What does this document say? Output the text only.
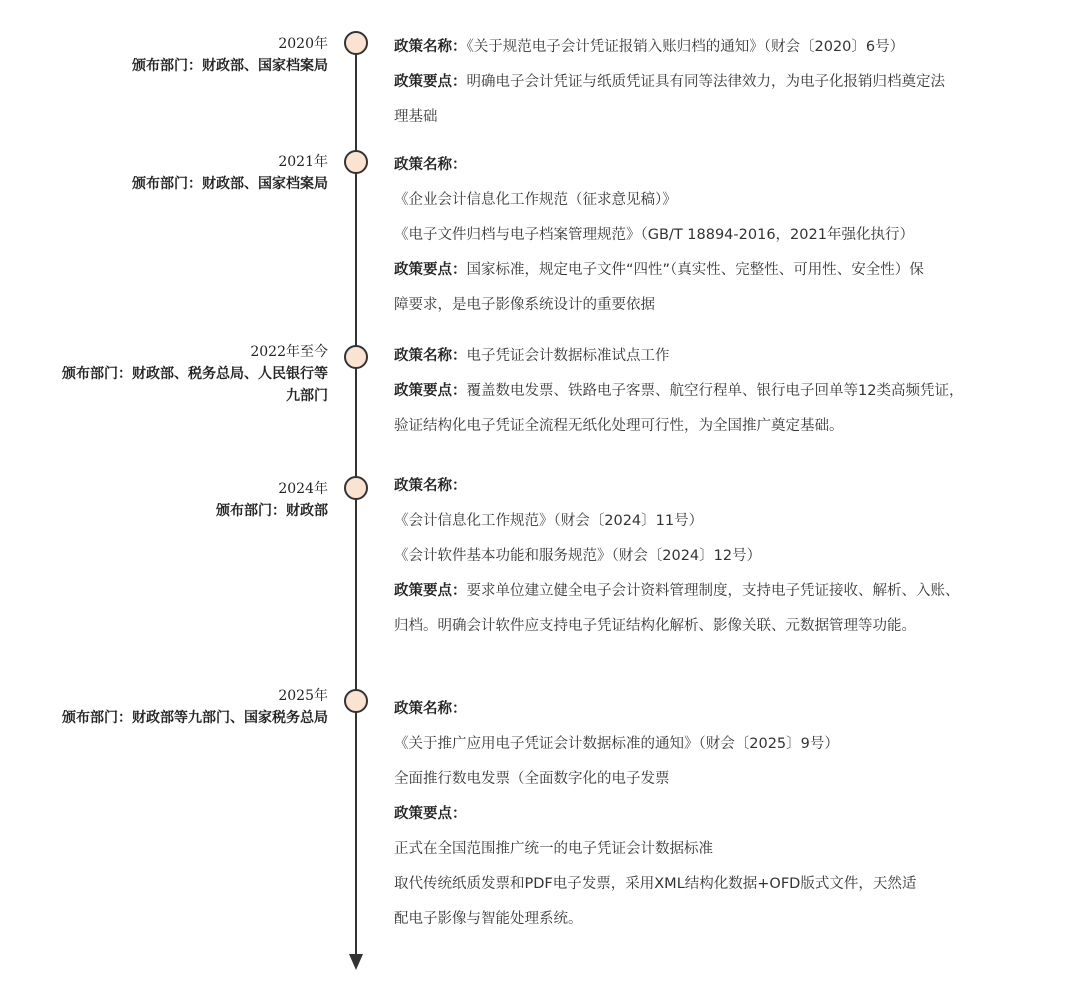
2020年
颁布部门：财政部、国家档案局
政策名称：《关于规范电子会计凭证报销入账归档的通知》（财会〔2020〕6号）
政策要点：明确电子会计凭证与纸质凭证具有同等法律效力，为电子化报销归档奠定法
理基础
2021年
颁布部门：财政部、国家档案局
政策名称：
《企业会计信息化工作规范（征求意见稿）》
《电子文件归档与电子档案管理规范》（GB/T 18894-2016，2021年强化执行）
政策要点：国家标准，规定电子文件“四性”（真实性、完整性、可用性、安全性）保
障要求，是电子影像系统设计的重要依据
2022年至今
颁布部门：财政部、税务总局、人民银行等
九部门
政策名称：电子凭证会计数据标准试点工作
政策要点：覆盖数电发票、铁路电子客票、航空行程单、银行电子回单等12类高频凭证，
验证结构化电子凭证全流程无纸化处理可行性，为全国推广奠定基础。
2024年
颁布部门：财政部
政策名称：
《会计信息化工作规范》（财会〔2024〕11号）
《会计软件基本功能和服务规范》（财会〔2024〕12号）
政策要点：要求单位建立健全电子会计资料管理制度，支持电子凭证接收、解析、入账、
归档。明确会计软件应支持电子凭证结构化解析、影像关联、元数据管理等功能。
2025年
颁布部门：财政部等九部门、国家税务总局
政策名称：
《关于推广应用电子凭证会计数据标准的通知》（财会〔2025〕9号）
全面推行数电发票（全面数字化的电子发票
政策要点：
正式在全国范围推广统一的电子凭证会计数据标准
取代传统纸质发票和PDF电子发票，采用XML结构化数据+OFD版式文件，天然适
配电子影像与智能处理系统。
